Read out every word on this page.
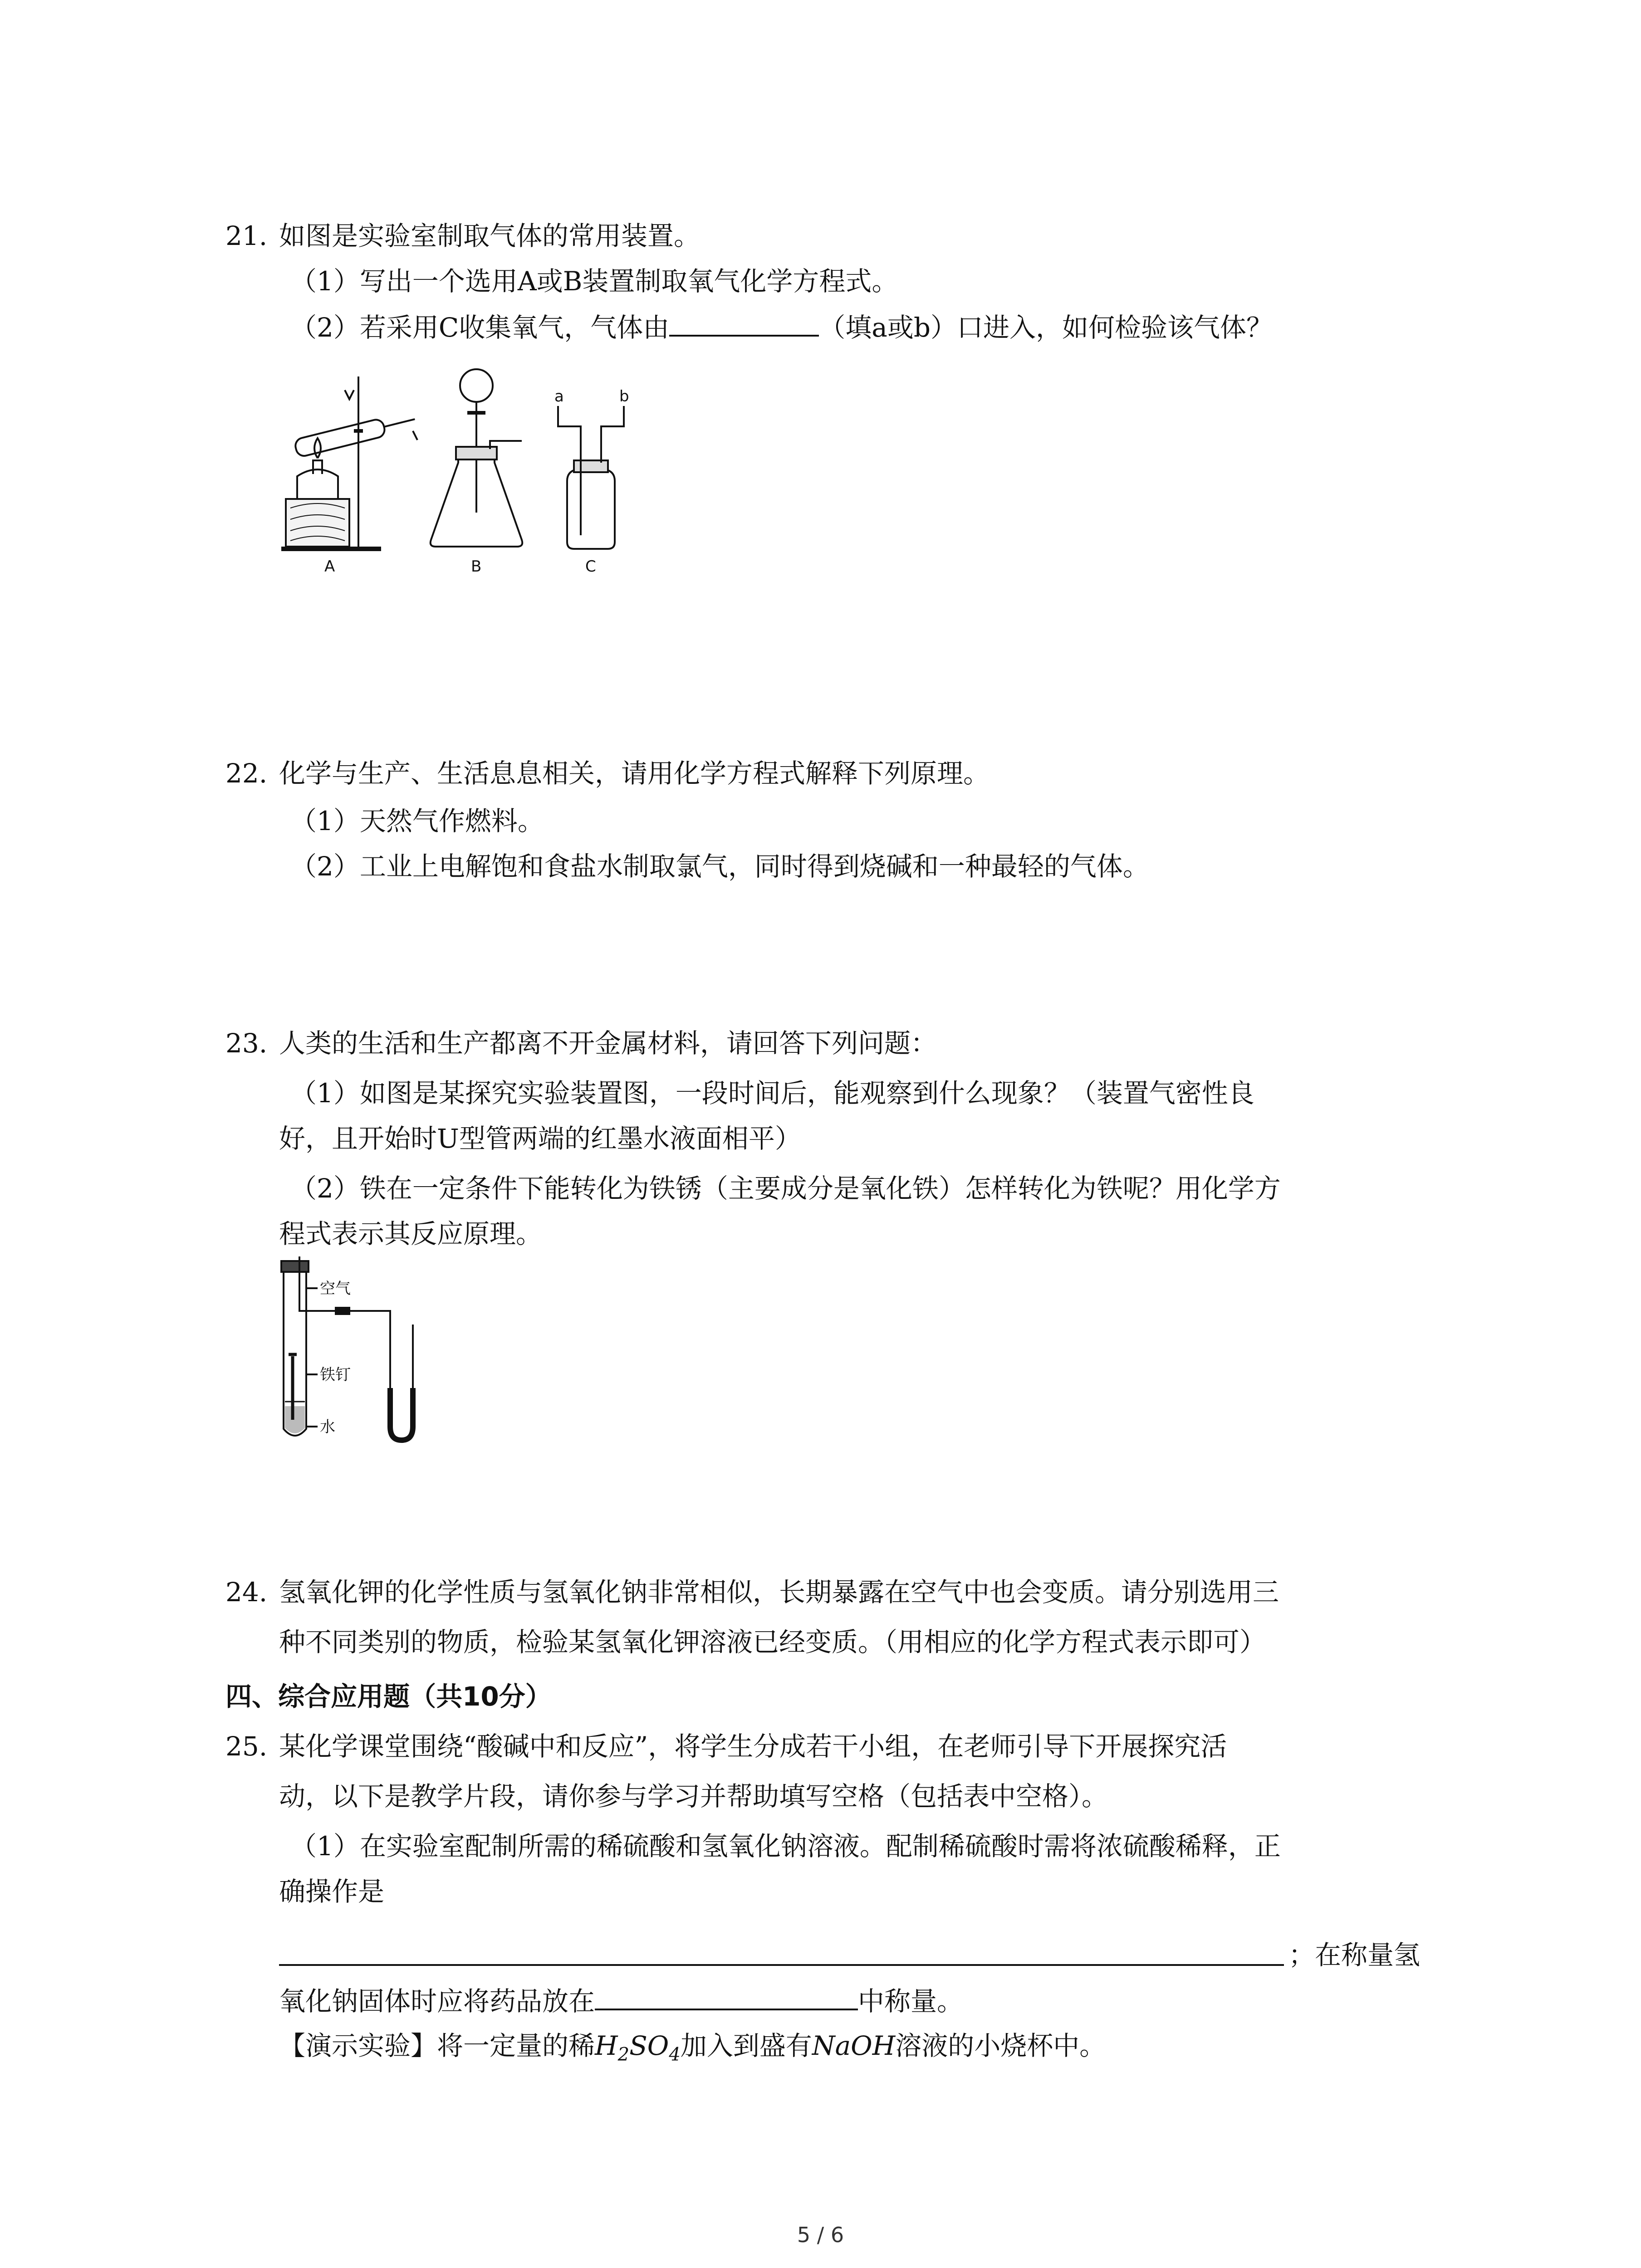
21. 如图是实验室制取气体的常用装置。
（1）写出一个选用A或B装置制取氧气化学方程式。
（2）若采用C收集氧气，气体由	（填a或b）口进入，如何检验该气体？
A	B
a	b
C
22. 化学与生产、生活息息相关，请用化学方程式解释下列原理。
（1）天然气作燃料。
（2）工业上电解饱和食盐水制取氯气，同时得到烧碱和一种最轻的气体。
23. 人类的生活和生产都离不开金属材料，请回答下列问题：
（1）如图是某探究实验装置图，一段时间后，能观察到什么现象？（装置气密性良
好，且开始时U型管两端的红墨水液面相平）
（2）铁在一定条件下能转化为铁锈（主要成分是氧化铁）怎样转化为铁呢？用化学方
程式表示其反应原理。
空气
铁钉
水
24. 氢氧化钾的化学性质与氢氧化钠非常相似，长期暴露在空气中也会变质。请分别选用三
种不同类别的物质，检验某氢氧化钾溶液已经变质。（用相应的化学方程式表示即可）
四、综合应用题（共10分）
25. 某化学课堂围绕“酸碱中和反应”，将学生分成若干小组，在老师引导下开展探究活
动，以下是教学片段，请你参与学习并帮助填写空格（包括表中空格）。
（1）在实验室配制所需的稀硫酸和氢氧化钠溶液。配制稀硫酸时需将浓硫酸稀释，正
确操作是
；在称量氢
氧化钠固体时应将药品放在	中称量。
【演示实验】将一定量的稀$H_2SO_4$加入到盛有NaOH溶液的小烧杯中。
5 / 6
